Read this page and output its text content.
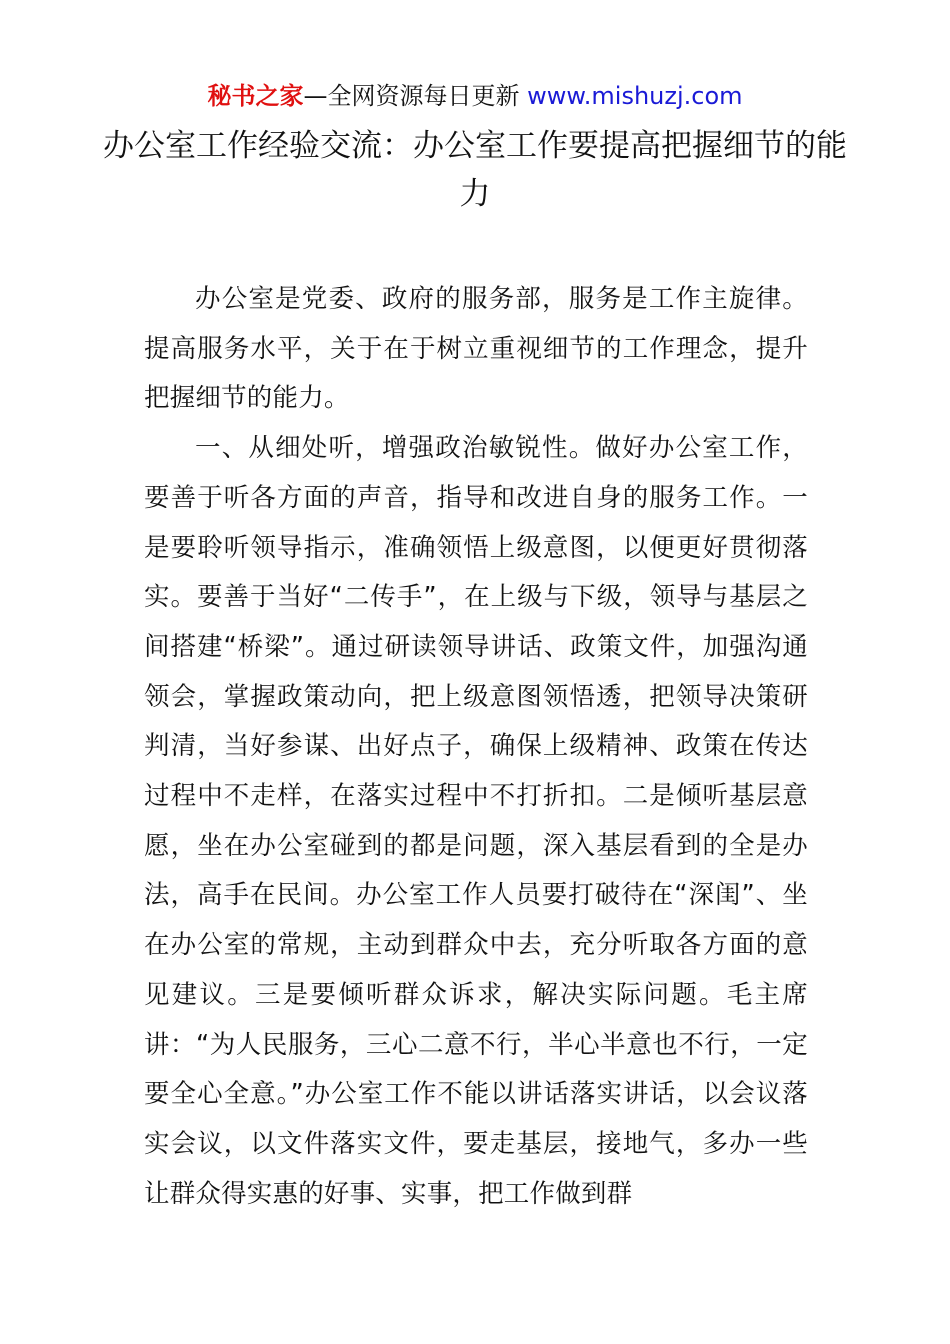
秘书之家—全网资源每日更新 www.mishuzj.com
办公室工作经验交流：办公室工作要提高把握细节的能力

办公室是党委、政府的服务部，服务是工作主旋律。提高服务水平，关于在于树立重视细节的工作理念，提升把握细节的能力。

一、从细处听，增强政治敏锐性。做好办公室工作，要善于听各方面的声音，指导和改进自身的服务工作。一是要聆听领导指示，准确领悟上级意图，以便更好贯彻落实。要善于当好“二传手”，在上级与下级，领导与基层之间搭建“桥梁”。通过研读领导讲话、政策文件，加强沟通领会，掌握政策动向，把上级意图领悟透，把领导决策研判清，当好参谋、出好点子，确保上级精神、政策在传达过程中不走样，在落实过程中不打折扣。二是倾听基层意愿，坐在办公室碰到的都是问题，深入基层看到的全是办法，高手在民间。办公室工作人员要打破待在“深闺”、坐在办公室的常规，主动到群众中去，充分听取各方面的意见建议。三是要倾听群众诉求，解决实际问题。毛主席讲：“为人民服务，三心二意不行，半心半意也不行，一定要全心全意。”办公室工作不能以讲话落实讲话，以会议落实会议，以文件落实文件，要走基层，接地气，多办一些让群众得实惠的好事、实事，把工作做到群
